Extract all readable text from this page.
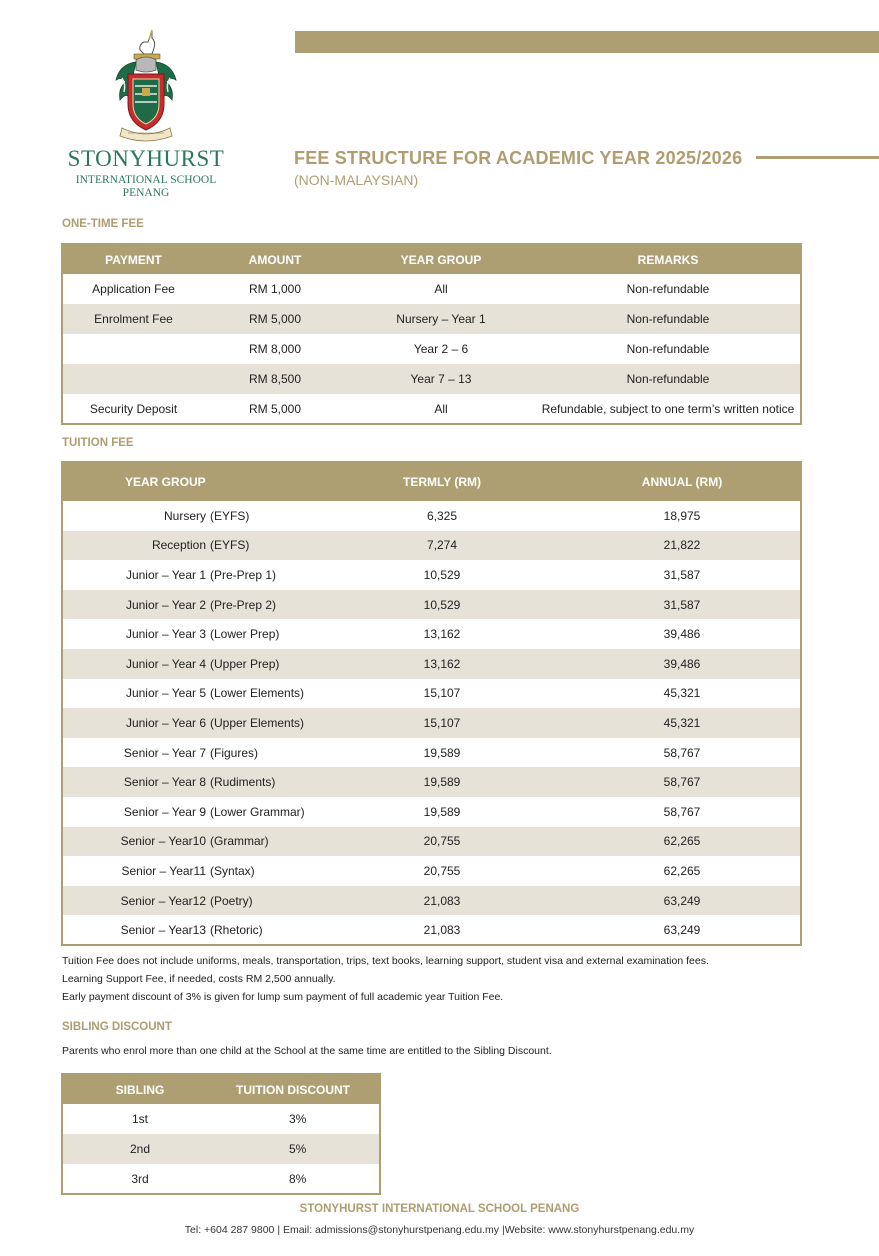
STONYHURST
INTERNATIONAL SCHOOL
PENANG
FEE STRUCTURE FOR ACADEMIC YEAR 2025/2026
(NON-MALAYSIAN)
ONE-TIME FEE
PAYMENT	AMOUNT	YEAR GROUP	REMARKS
Application Fee	RM 1,000	All	Non-refundable
Enrolment Fee	RM 5,000	Nursery – Year 1	Non-refundable
	RM 8,000	Year 2 – 6	Non-refundable
	RM 8,500	Year 7 – 13	Non-refundable
Security Deposit	RM 5,000	All	Refundable, subject to one term’s written notice
TUITION FEE
YEAR GROUP		TERMLY (RM)	ANNUAL (RM)
Nursery	(EYFS)	6,325	18,975
Reception	(EYFS)	7,274	21,822
Junior – Year 1	(Pre-Prep 1)	10,529	31,587
Junior – Year 2	(Pre-Prep 2)	10,529	31,587
Junior – Year 3	(Lower Prep)	13,162	39,486
Junior – Year 4	(Upper Prep)	13,162	39,486
Junior – Year 5	(Lower Elements)	15,107	45,321
Junior – Year 6	(Upper Elements)	15,107	45,321
Senior – Year 7	(Figures)	19,589	58,767
Senior – Year 8	(Rudiments)	19,589	58,767
Senior – Year 9	(Lower Grammar)	19,589	58,767
Senior – Year10	(Grammar)	20,755	62,265
Senior – Year11	(Syntax)	20,755	62,265
Senior – Year12	(Poetry)	21,083	63,249
Senior – Year13	(Rhetoric)	21,083	63,249
Tuition Fee does not include uniforms, meals, transportation, trips, text books, learning support, student visa and external examination fees.
Learning Support Fee, if needed, costs RM 2,500 annually.
Early payment discount of 3% is given for lump sum payment of full academic year Tuition Fee.
SIBLING DISCOUNT
Parents who enrol more than one child at the School at the same time are entitled to the Sibling Discount.
SIBLING	TUITION DISCOUNT
1st	3%
2nd	5%
3rd	8%
STONYHURST INTERNATIONAL SCHOOL PENANG
Tel: +604 287 9800 | Email: admissions@stonyhurstpenang.edu.my |Website: www.stonyhurstpenang.edu.my
